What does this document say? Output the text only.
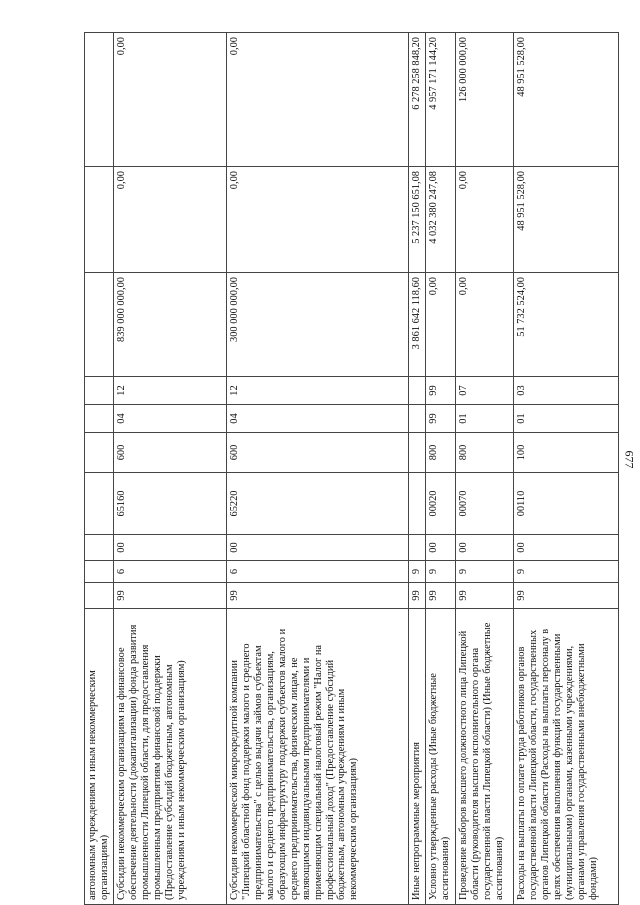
677
автономным учреждениям и иным некоммерческим организациям)										
Субсидии некоммерческим организациям на финансовое обеспечение деятельности (докапитализации) фонда развития промышленности Липецкой области, для предоставления промышленным предприятиям финансовой поддержки (Предоставление субсидий бюджетным, автономным учреждениям и иным некоммерческим организациям)	99	6	00	65160	600	04	12	839 000 000,00	0,00	0,00
Субсидия некоммерческой микрокредитной компании "Липецкий областной фонд поддержки малого и среднего предпринимательства" с целью выдачи займов субъектам малого и среднего предпринимательства, организациям, образующим инфраструктуру поддержки субъектов малого и среднего предпринимательства, физическим лицам, не являющимся индивидуальными предпринимателями и применяющим специальный налоговый режим "Налог на профессиональный доход" (Предоставление субсидий бюджетным, автономным учреждениям и иным некоммерческим организациям)	99	6	00	65220	600	04	12	300 000 000,00	0,00	0,00
Иные непрограммные мероприятия	99	9						3 861 642 118,60	5 237 150 651,08	6 278 258 848,20
Условно утвержденные расходы (Иные бюджетные ассигнования)	99	9	00	00020	800	99	99	0,00	4 032 380 247,08	4 957 171 144,20
Проведение выборов высшего должностного лица Липецкой области (руководителя высшего исполнительного органа государственной власти Липецкой области) (Иные бюджетные ассигнования)	99	9	00	00070	800	01	07	0,00	0,00	126 000 000,00
Расходы на выплаты по оплате труда работников органов государственной власти Липецкой области, государственных органов Липецкой области (Расходы на выплаты персоналу в целях обеспечения выполнения функций государственными (муниципальными) органами, казенными учреждениями, органами управления государственными внебюджетными фондами)	99	9	00	00110	100	01	03	51 732 524,00	48 951 528,00	48 951 528,00
